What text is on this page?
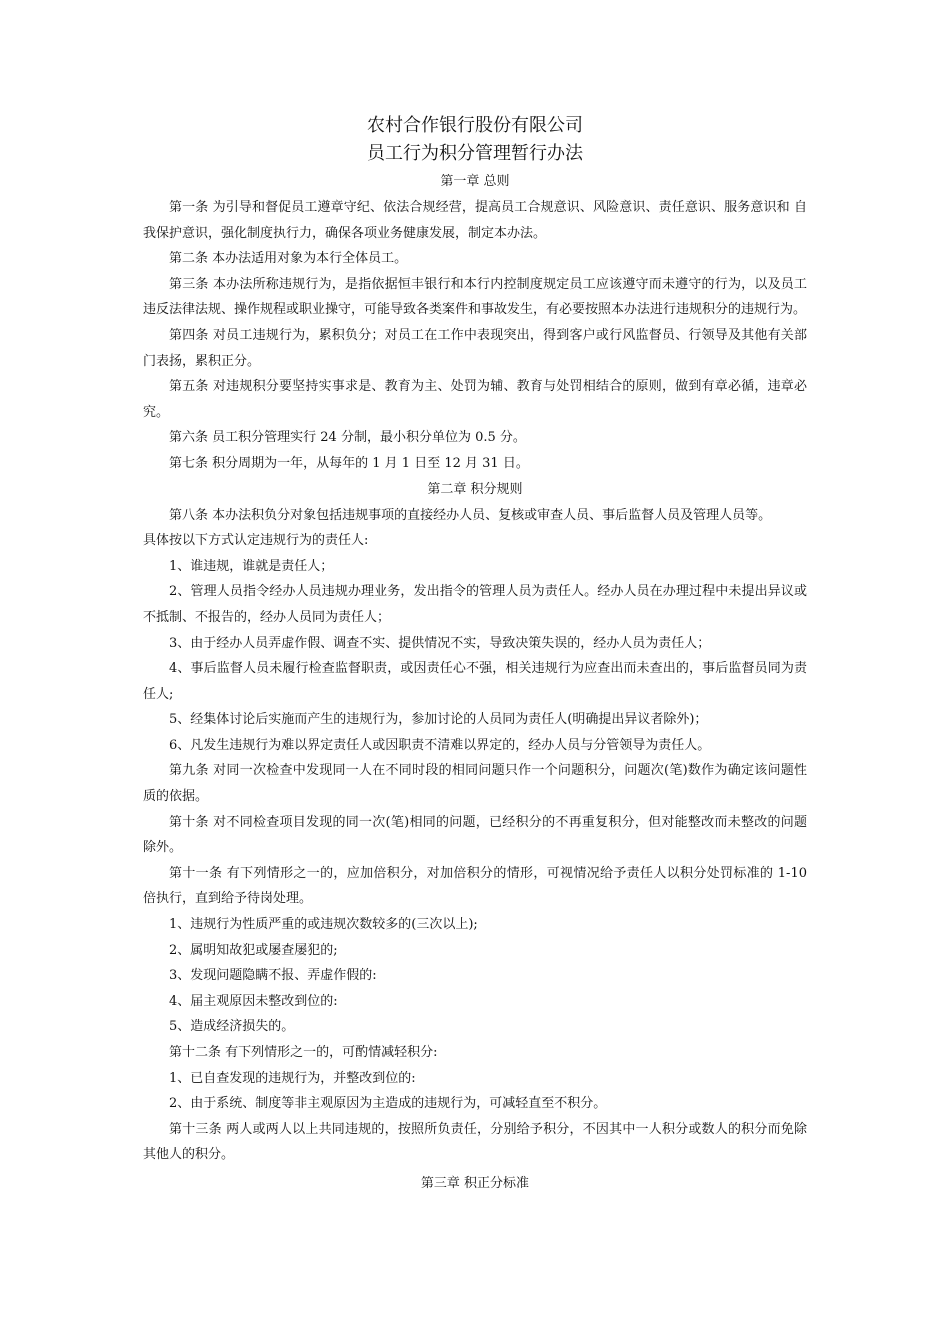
农村合作银行股份有限公司
员工行为积分管理暂行办法
第一章 总则

第一条 为引导和督促员工遵章守纪、依法合规经营，提高员工合规意识、风险意识、责任意识、服务意识和 自我保护意识，强化制度执行力，确保各项业务健康发展，制定本办法。

第二条 本办法适用对象为本行全体员工。

第三条 本办法所称违规行为，是指依据恒丰银行和本行内控制度规定员工应该遵守而未遵守的行为，以及员工违反法律法规、操作规程或职业操守，可能导致各类案件和事故发生，有必要按照本办法进行违规积分的违规行为。

第四条 对员工违规行为，累积负分；对员工在工作中表现突出，得到客户或行风监督员、行领导及其他有关部门表扬，累积正分。

第五条 对违规积分要坚持实事求是、教育为主、处罚为辅、教育与处罚相结合的原则，做到有章必循，违章必究。

第六条 员工积分管理实行 24 分制，最小积分单位为 0.5 分。

第七条 积分周期为一年，从每年的 1 月 1 日至 12 月 31 日。

第二章 积分规则

第八条 本办法积负分对象包括违规事项的直接经办人员、复核或审查人员、事后监督人员及管理人员等。

具体按以下方式认定违规行为的责任人:

1、谁违规，谁就是责任人；

2、管理人员指令经办人员违规办理业务，发出指令的管理人员为责任人。经办人员在办理过程中未提出异议或不抵制、不报告的，经办人员同为责任人；

3、由于经办人员弄虚作假、调查不实、提供情况不实，导致决策失误的，经办人员为责任人；

4、事后监督人员未履行检查监督职责，或因责任心不强，相关违规行为应查出而未查出的，事后监督员同为责任人;

5、经集体讨论后实施而产生的违规行为，参加讨论的人员同为责任人(明确提出异议者除外)；

6、凡发生违规行为难以界定责任人或因职责不清难以界定的，经办人员与分管领导为责任人。

第九条 对同一次检查中发现同一人在不同时段的相同问题只作一个问题积分，问题次(笔)数作为确定该问题性质的依据。

第十条 对不同检查项目发现的同一次(笔)相同的问题，已经积分的不再重复积分，但对能整改而未整改的问题除外。

第十一条 有下列情形之一的，应加倍积分，对加倍积分的情形，可视情况给予责任人以积分处罚标准的 1-10 倍执行，直到给予待岗处理。

1、违规行为性质严重的或违规次数较多的(三次以上);

2、属明知故犯或屡查屡犯的;

3、发现问题隐瞒不报、弄虚作假的:

4、届主观原因未整改到位的:

5、造成经济损失的。

第十二条 有下列情形之一的，可酌情减轻积分:

1、已自查发现的违规行为，并整改到位的:

2、由于系统、制度等非主观原因为主造成的违规行为，可减轻直至不积分。

第十三条 两人或两人以上共同违规的，按照所负责任，分别给予积分，不因其中一人积分或数人的积分而免除其他人的积分。

第三章 积正分标准
